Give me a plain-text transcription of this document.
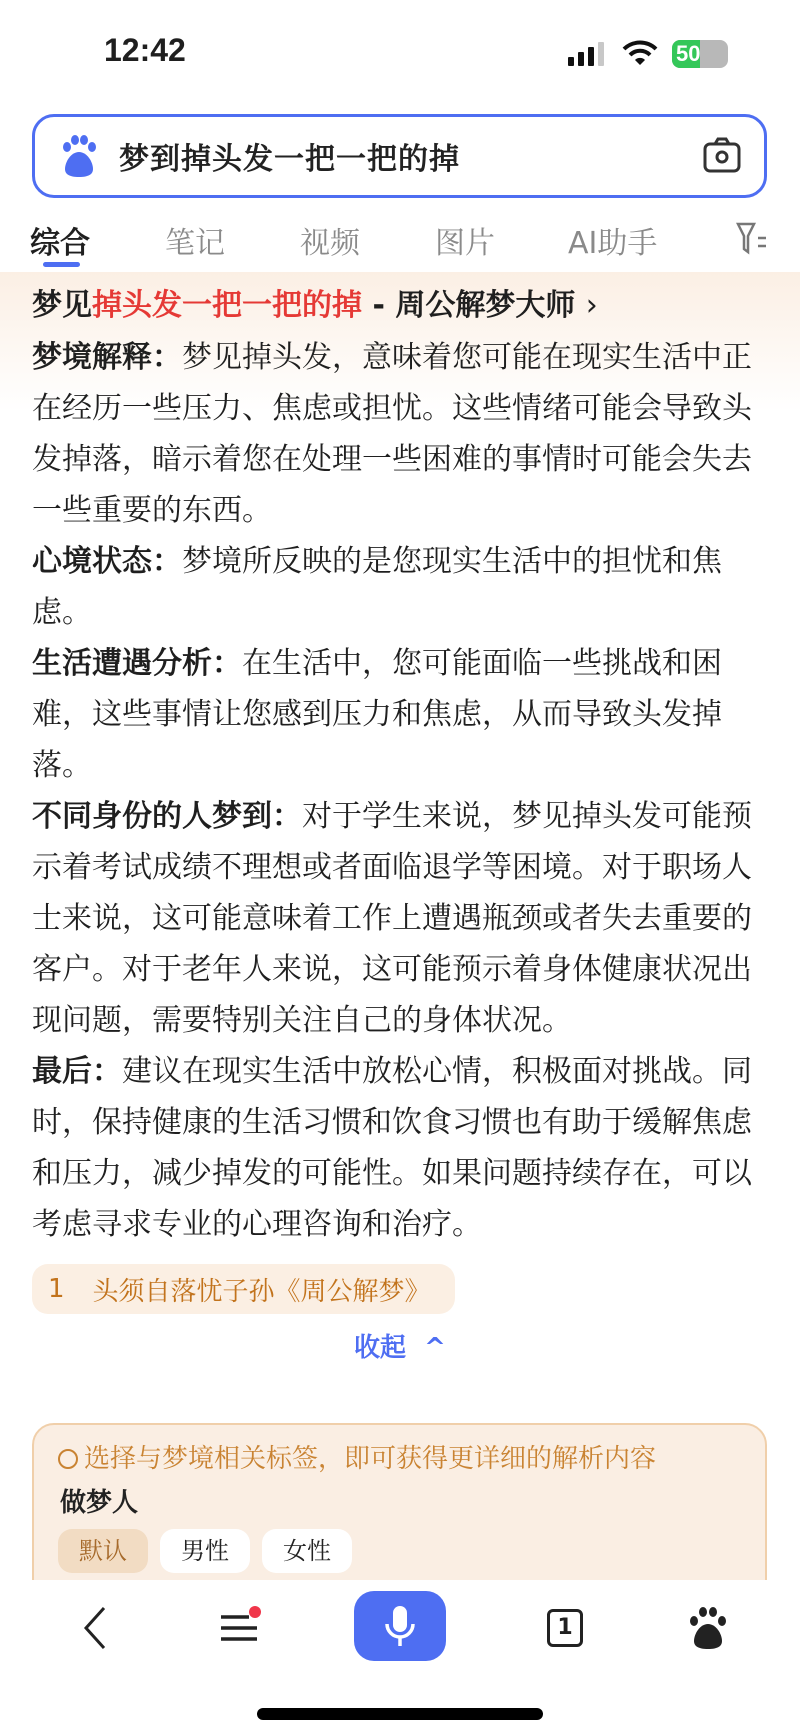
12:42	50
梦到掉头发一把一把的掉
综合	笔记	视频	图片 AI助手
梦见掉头发一把一把的掉 - 周公解梦大师 ›
梦境解释：梦见掉头发，意味着您可能在现实生活中正在经历一些压力、焦虑或担忧。这些情绪可能会导致头发掉落，暗示着您在处理一些困难的事情时可能会失去一些重要的东西。
心境状态：梦境所反映的是您现实生活中的担忧和焦虑。
生活遭遇分析：在生活中，您可能面临一些挑战和困难，这些事情让您感到压力和焦虑，从而导致头发掉落。
不同身份的人梦到：对于学生来说，梦见掉头发可能预示着考试成绩不理想或者面临退学等困境。对于职场人士来说，这可能意味着工作上遭遇瓶颈或者失去重要的客户。对于老年人来说，这可能预示着身体健康状况出现问题，需要特别关注自己的身体状况。
最后：建议在现实生活中放松心情，积极面对挑战。同时，保持健康的生活习惯和饮食习惯也有助于缓解焦虑和压力，减少掉发的可能性。如果问题持续存在，可以考虑寻求专业的心理咨询和治疗。
1 头须自落忧子孙《周公解梦》
收起 ^
选择与梦境相关标签，即可获得更详细的解析内容
做梦人
默认	男性	女性
1
